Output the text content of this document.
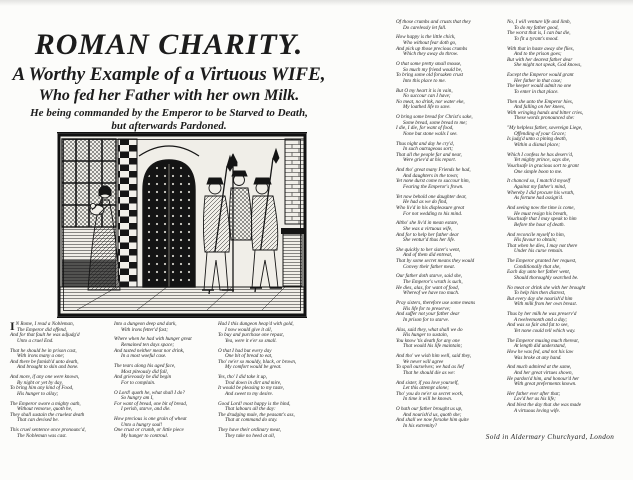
ROMAN CHARITY.
A Worthy Example of a Virtuous WIFE,
Who fed her Father with her own Milk.
He being commanded by the Emperor to be Starved to Death,
but afterwards Pardoned.
I N Rome, I read a Nobleman,
The Emperor did offend,
And for that fault he was adjudg'd
Unto a cruel End.
That he should be in prison cast,
With irons many a one;
And there be famish'd unto death,
And brought to skin and bone.
And more, if any one were known,
By night or yet by day,
To bring him any kind of Food,
His hunger to allay;
The Emperor swore a mighty oath,
Without remorse, quoth he,
They shall sustain the cruelest death
That can devised be.
This cruel sentence once pronounc'd,
The Nobleman was cast.
Into a dungeon deep and dark,
With irons fetter'd fast;
Where when he had with hunger great
Remained ten days space;
And tasted neither meat nor drink,
In a most woeful case.
The tears along his aged face,
Most piteously did fall,
And grievously he did begin
For to complain.
O Lord! quoth he, what shall I do?
So hungry am I,
For want of bread, one bit of bread,
I perish, starve, and die.
How precious is one grain of wheat
Unto a hungry soul!
One crust or crumb, or little piece
My hunger to controul.
Had I this dungeon heap'd with gold,
I now would give it all,
To buy and purchase one repast,
Yea, were it e'er so small.
O that I had but every day
One bit of bread to eat,
Tho' ne'er so mouldy, black, or brown,
My comfort would be great.
Yes, tho' I did take it up,
Trod down in dirt and mire,
It would be pleasing to my taste,
And sweet to my desire.
Good Lord! most happy is the hind,
That labours all the day:
The drudging mule, the peasant's ass,
That at command do stay.
They have their ordinary meat,
They take no heed at all,
Of those crumbs and crusts that they
Do carelessly let fall.
How happy is the little chick,
Who without fear doth go,
And pick up those precious crumbs
Which they away do throw.
O that some pretty small mouse,
So much my friend would be,
To bring some old forsaken crust
Into this place to me.
But O my heart it is in vain,
No succour can I have;
No meat, no drink, nor water eke,
My loathed life to save.
O bring some bread for Christ's sake,
Some bread, some bread to me;
I die, I die, for want of food,
None but stone walls I see.
Thus night and day he cry'd,
In such outrageous sort;
That all the people far and near,
Were griev'd at his report.
And tho' great many Friends he had,
And daughters in the town;
Yet none durst come to succour him,
Fearing the Emperor's frown.
Yet now behold one daughter dear,
He had as we do find,
Who liv'd in his displeasure great
For not wedding to his mind.
Altho' she liv'd in mean estate,
She was a virtuous wife,
And for to help her father dear
She ventur'd thus her life.
She quickly to her sister's went,
And of them did entreat,
That by some secret means they would
Convey their father meat.
Our father doth starve, said she,
The Emperor's wrath is such,
He dies, alas, for want of food,
Whereof we have too much.
Pray sisters, therefore use some means
His life for to preserve;
And suffer not your father dear
In prison for to starve.
Alas, said they, what shall we do
His hunger to sustain,
You know 'tis death for any one
That would his life maintain;
And tho' we wish him well, said they,
We never will agree
To spoil ourselves; we had as lief
That he should die as we:
And sister, if you love yourself,
Let this attempt alone;
Tho' you do ne'er so secret work,
In time it will be known.
O hath our father brought us up,
And nourish'd us, quoth she;
And shall we now forsake him quite
In his extremity?
No, I will venture life and limb,
To do my father good,
The worst that is, I can but die,
To fit a tyrant's mood.
With that in haste away she flies,
And to the prison goes;
But with her dearest father dear
She might not speak, God knows,
Except the Emperor would grant
Her father in that case;
The keeper would admit no one
To enter in that place.
Then she unto the Emperor hies,
And falling on her knees,
With wringing hands and bitter cries,
These words pronounced she:
"My helpless father, sovereign Liege,
Offending of your Grace;
Is judg'd unto a pining death,
Within a dismal place;
Which I confess he has deserv'd,
Yet mighty prince, says she,
Vouchsafe in gracious sort to grant
One simple boon to me.
It chanced so, I match'd myself
Against my father's mind,
Whereby I did procure his wrath,
As fortune had assign'd.
And seeing now the time is come,
He must resign his breath,
Vouchsafe that I may speak to him
Before the hour of death.
And reconcile myself to him,
His favour to obtain;
That when he dies, I may not there
Under his curse remain.
The Emperor granted her request,
Conditionally that she,
Each day unto her father went,
Should thoroughly searched be.
No meat or drink she with her brought
To help him then distrest,
But every day she nourish'd him
With milk from her own breast.
Thus by her milk he was preserv'd
A twelvemonth and a day;
And was so fair and fat to see,
Yet none could tell which way.
The Emperor musing much thereat,
At length did understand,
How he was fed, and not his law
Was broke at any hand.
And much admired at the same,
And her great virtues shown,
He pardon'd him, and honour'd her
With great preferments known.
Her father ever after that;
Lov'd her as his life;
And blest the day that she was made
A virtuous loving wife.
Sold in Aldermary Churchyard, London
